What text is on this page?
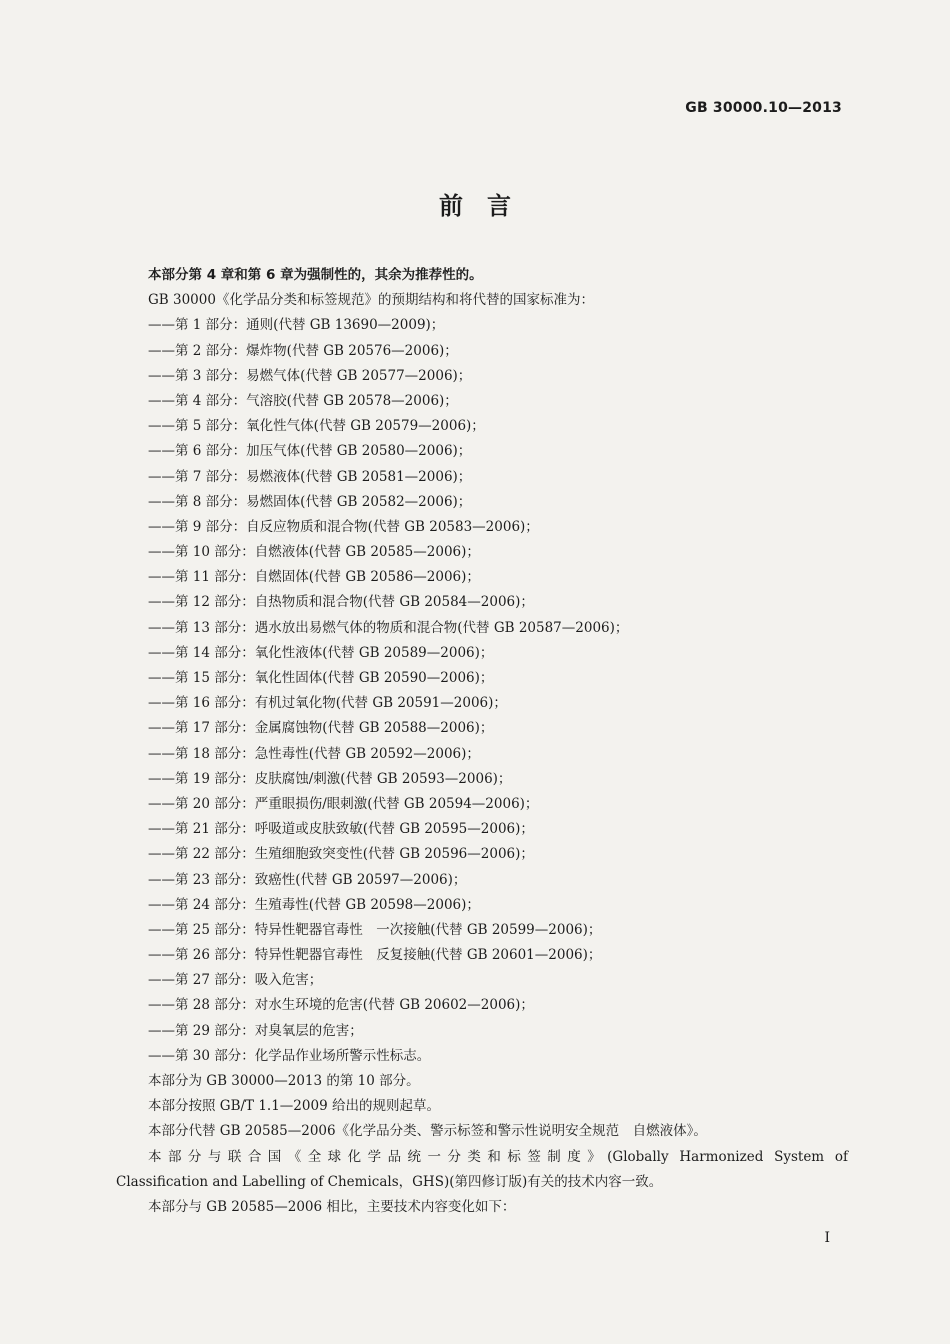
GB 30000.10—2013
前　言
本部分第 4 章和第 6 章为强制性的，其余为推荐性的。
GB 30000《化学品分类和标签规范》的预期结构和将代替的国家标准为：
——第 1 部分：通则(代替 GB 13690—2009)；
——第 2 部分：爆炸物(代替 GB 20576—2006)；
——第 3 部分：易燃气体(代替 GB 20577—2006)；
——第 4 部分：气溶胶(代替 GB 20578—2006)；
——第 5 部分：氧化性气体(代替 GB 20579—2006)；
——第 6 部分：加压气体(代替 GB 20580—2006)；
——第 7 部分：易燃液体(代替 GB 20581—2006)；
——第 8 部分：易燃固体(代替 GB 20582—2006)；
——第 9 部分：自反应物质和混合物(代替 GB 20583—2006)；
——第 10 部分：自燃液体(代替 GB 20585—2006)；
——第 11 部分：自燃固体(代替 GB 20586—2006)；
——第 12 部分：自热物质和混合物(代替 GB 20584—2006)；
——第 13 部分：遇水放出易燃气体的物质和混合物(代替 GB 20587—2006)；
——第 14 部分：氧化性液体(代替 GB 20589—2006)；
——第 15 部分：氧化性固体(代替 GB 20590—2006)；
——第 16 部分：有机过氧化物(代替 GB 20591—2006)；
——第 17 部分：金属腐蚀物(代替 GB 20588—2006)；
——第 18 部分：急性毒性(代替 GB 20592—2006)；
——第 19 部分：皮肤腐蚀/刺激(代替 GB 20593—2006)；
——第 20 部分：严重眼损伤/眼刺激(代替 GB 20594—2006)；
——第 21 部分：呼吸道或皮肤致敏(代替 GB 20595—2006)；
——第 22 部分：生殖细胞致突变性(代替 GB 20596—2006)；
——第 23 部分：致癌性(代替 GB 20597—2006)；
——第 24 部分：生殖毒性(代替 GB 20598—2006)；
——第 25 部分：特异性靶器官毒性　一次接触(代替 GB 20599—2006)；
——第 26 部分：特异性靶器官毒性　反复接触(代替 GB 20601—2006)；
——第 27 部分：吸入危害；
——第 28 部分：对水生环境的危害(代替 GB 20602—2006)；
——第 29 部分：对臭氧层的危害；
——第 30 部分：化学品作业场所警示性标志。
本部分为 GB 30000—2013 的第 10 部分。
本部分按照 GB/T 1.1—2009 给出的规则起草。
本部分代替 GB 20585—2006《化学品分类、警示标签和警示性说明安全规范　自燃液体》。
本部分与联合国《全球化学品统一分类和标签制度》(Globally Harmonized System of
Classification and Labelling of Chemicals，GHS)(第四修订版)有关的技术内容一致。
本部分与 GB 20585—2006 相比，主要技术内容变化如下：
I
